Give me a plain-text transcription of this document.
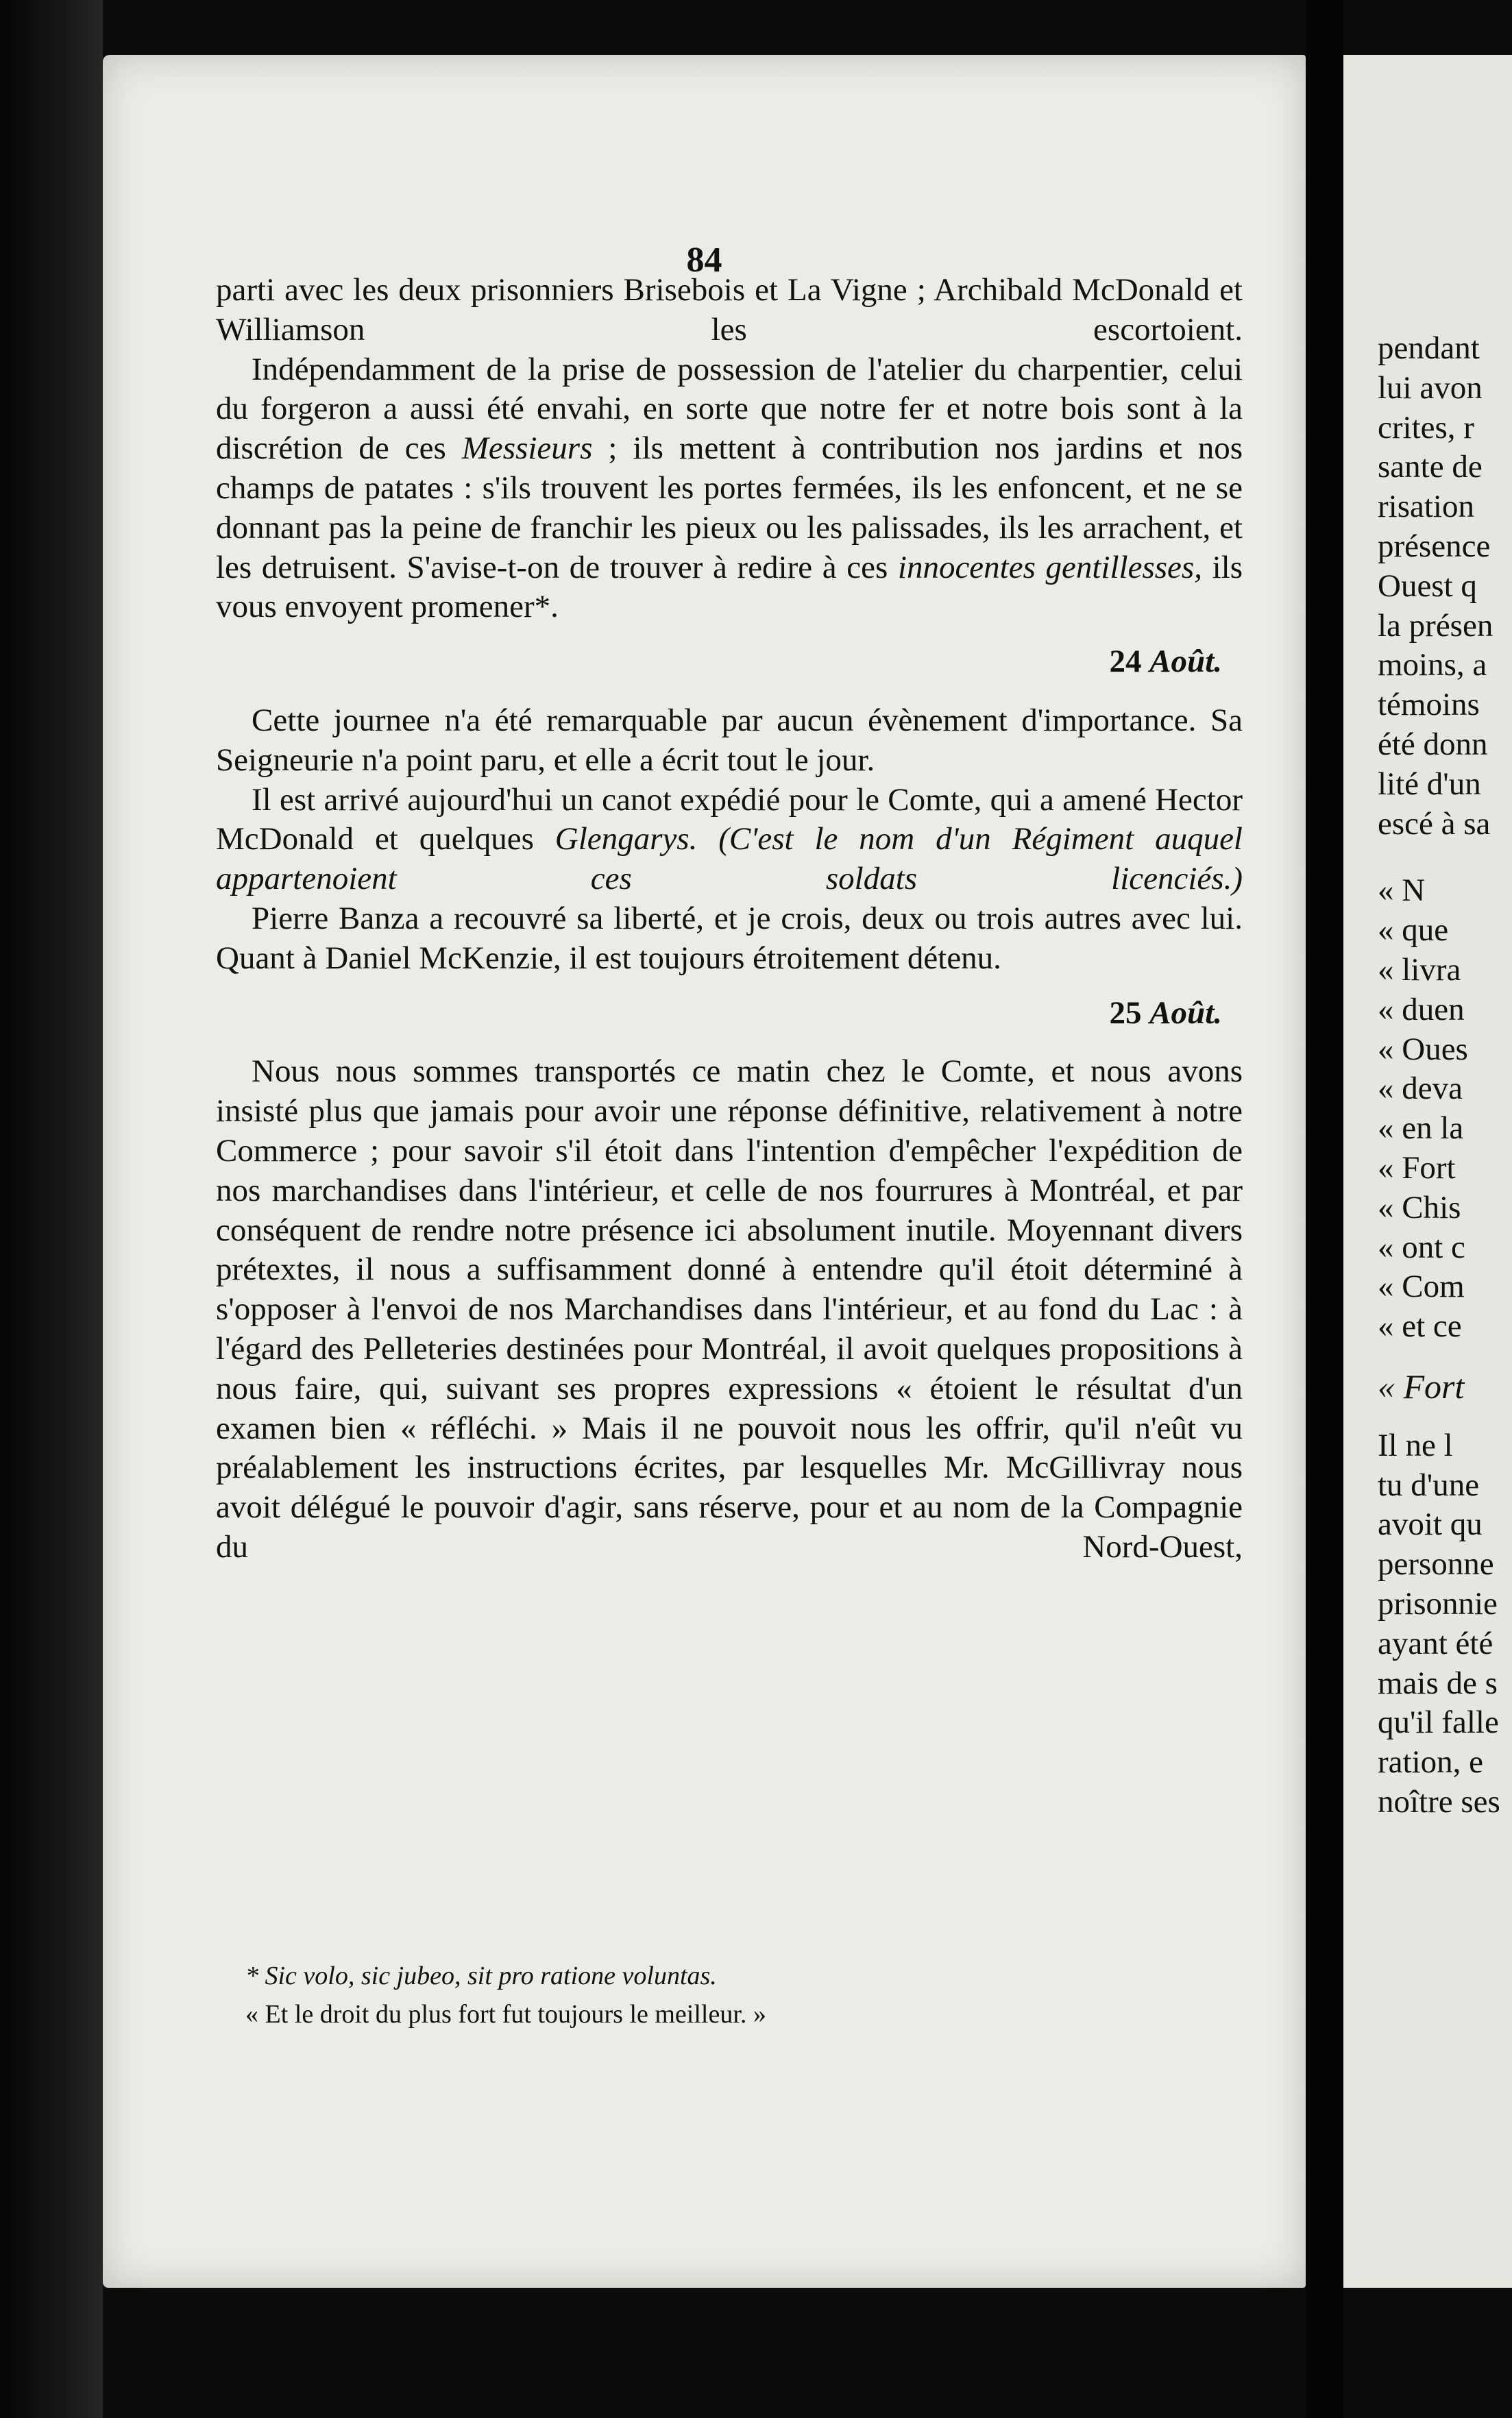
84

parti avec les deux prisonniers Brisebois et La Vigne ; Archibald McDonald et Williamson les escortoient.

Indépendamment de la prise de possession de l'atelier du charpentier, celui du forgeron a aussi été envahi, en sorte que notre fer et notre bois sont à la discrétion de ces Messieurs ; ils mettent à contribution nos jardins et nos champs de patates : s'ils trouvent les portes fermées, ils les enfoncent, et ne se donnant pas la peine de franchir les pieux ou les palissades, ils les arrachent, et les detruisent. S'avise-t-on de trouver à redire à ces innocentes gentillesses, ils vous envoyent promener*.

24 Août.

Cette journee n'a été remarquable par aucun évènement d'importance. Sa Seigneurie n'a point paru, et elle a écrit tout le jour.

Il est arrivé aujourd'hui un canot expédié pour le Comte, qui a amené Hector McDonald et quelques Glengarys. (C'est le nom d'un Régiment auquel appartenoient ces soldats licenciés.)

Pierre Banza a recouvré sa liberté, et je crois, deux ou trois autres avec lui. Quant à Daniel McKenzie, il est toujours étroitement détenu.

25 Août.

Nous nous sommes transportés ce matin chez le Comte, et nous avons insisté plus que jamais pour avoir une réponse définitive, relativement à notre Commerce ; pour savoir s'il étoit dans l'intention d'empêcher l'expédition de nos marchandises dans l'intérieur, et celle de nos fourrures à Montréal, et par conséquent de rendre notre présence ici absolument inutile. Moyennant divers prétextes, il nous a suffisamment donné à entendre qu'il étoit déterminé à s'opposer à l'envoi de nos Marchandises dans l'intérieur, et au fond du Lac : à l'égard des Pelleteries destinées pour Montréal, il avoit quelques propositions à nous faire, qui, suivant ses propres expressions « étoient le résultat d'un examen bien « réfléchi. » Mais il ne pouvoit nous les offrir, qu'il n'eût vu préalablement les instructions écrites, par lesquelles Mr. McGillivray nous avoit délégué le pouvoir d'agir, sans réserve, pour et au nom de la Compagnie du Nord-Ouest,

* Sic volo, sic jubeo, sit pro ratione voluntas.

« Et le droit du plus fort fut toujours le meilleur. »

pendant
lui avon
crites, r
sante de
risation
présence
Ouest q
la présen
moins, a
témoins
été donn
lité d'un
escé à sa
« N
« que
« livra
« duen
« Oues
« deva
« en la
« Fort
« Chis
« ont c
« Com
« et ce
« Fort
Il ne l
tu d'une
avoit qu
personne
prisonnie
ayant été
mais de s
qu'il falle
ration, e
noître ses
